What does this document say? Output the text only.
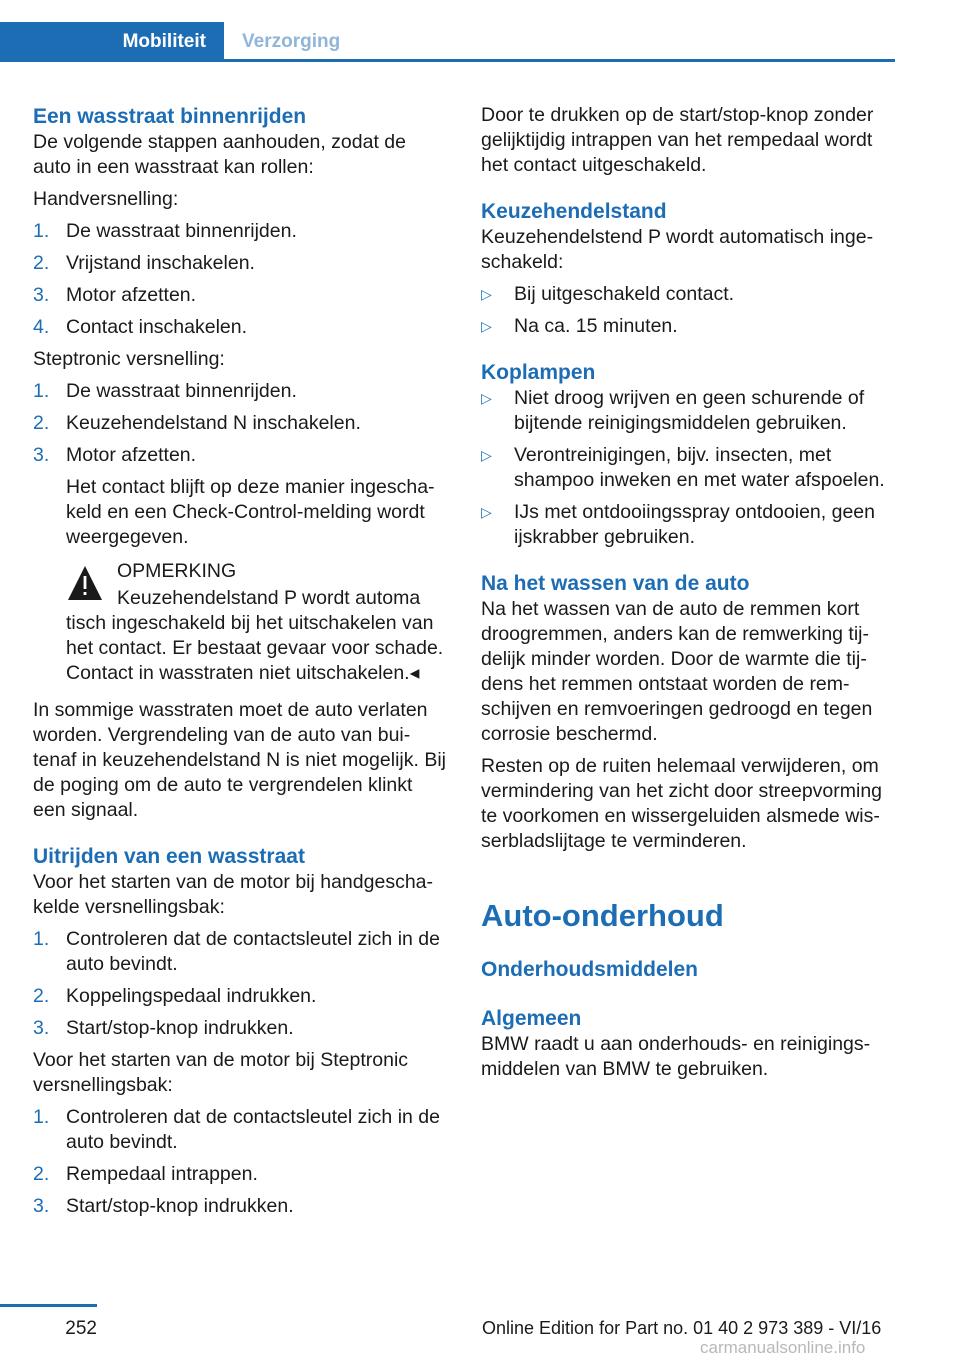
Mobiliteit	Verzorging
Een wasstraat binnenrijden
De volgende stappen aanhouden, zodat de auto in een wasstraat kan rollen:
Handversnelling:
1. De wasstraat binnenrijden.
2. Vrijstand inschakelen.
3. Motor afzetten.
4. Contact inschakelen.
Steptronic versnelling:
1. De wasstraat binnenrijden.
2. Keuzehendelstand N inschakelen.
3. Motor afzetten.
Het contact blijft op deze manier ingeschakeld en een Check-Control-melding wordt weergegeven.
OPMERKING
Keuzehendelstand P wordt automa
tisch ingeschakeld bij het uitschakelen van het contact. Er bestaat gevaar voor schade. Contact in wasstraten niet uitschakelen.◂
In sommige wasstraten moet de auto verlaten worden. Vergrendeling van de auto van buitenaf in keuzehendelstand N is niet mogelijk. Bij de poging om de auto te vergrendelen klinkt een signaal.
Uitrijden van een wasstraat
Voor het starten van de motor bij handgeschakelde versnellingsbak:
1. Controleren dat de contactsleutel zich in de auto bevindt.
2. Koppelingspedaal indrukken.
3. Start/stop-knop indrukken.
Voor het starten van de motor bij Steptronic versnellingsbak:
1. Controleren dat de contactsleutel zich in de auto bevindt.
2. Rempedaal intrappen.
3. Start/stop-knop indrukken.
Door te drukken op de start/stop-knop zonder gelijktijdig intrappen van het rempedaal wordt het contact uitgeschakeld.
Keuzehendelstand
Keuzehendelstend P wordt automatisch ingeschakeld:
▷ Bij uitgeschakeld contact.
▷ Na ca. 15 minuten.
Koplampen
▷ Niet droog wrijven en geen schurende of bijtende reinigingsmiddelen gebruiken.
▷ Verontreinigingen, bijv. insecten, met shampoo inweken en met water afspoelen.
▷ IJs met ontdooiingsspray ontdooien, geen ijskrabber gebruiken.
Na het wassen van de auto
Na het wassen van de auto de remmen kort droogremmen, anders kan de remwerking tijdelijk minder worden. Door de warmte die tijdens het remmen ontstaat worden de remschijven en remvoeringen gedroogd en tegen corrosie beschermd.
Resten op de ruiten helemaal verwijderen, om vermindering van het zicht door streepvorming te voorkomen en wissergeluiden alsmede wisserbladslijtage te verminderen.
Auto-onderhoud
Onderhoudsmiddelen
Algemeen
BMW raadt u aan onderhouds- en reinigingsmiddelen van BMW te gebruiken.
252	Online Edition for Part no. 01 40 2 973 389 - VI/16
carmanualsonline.info
